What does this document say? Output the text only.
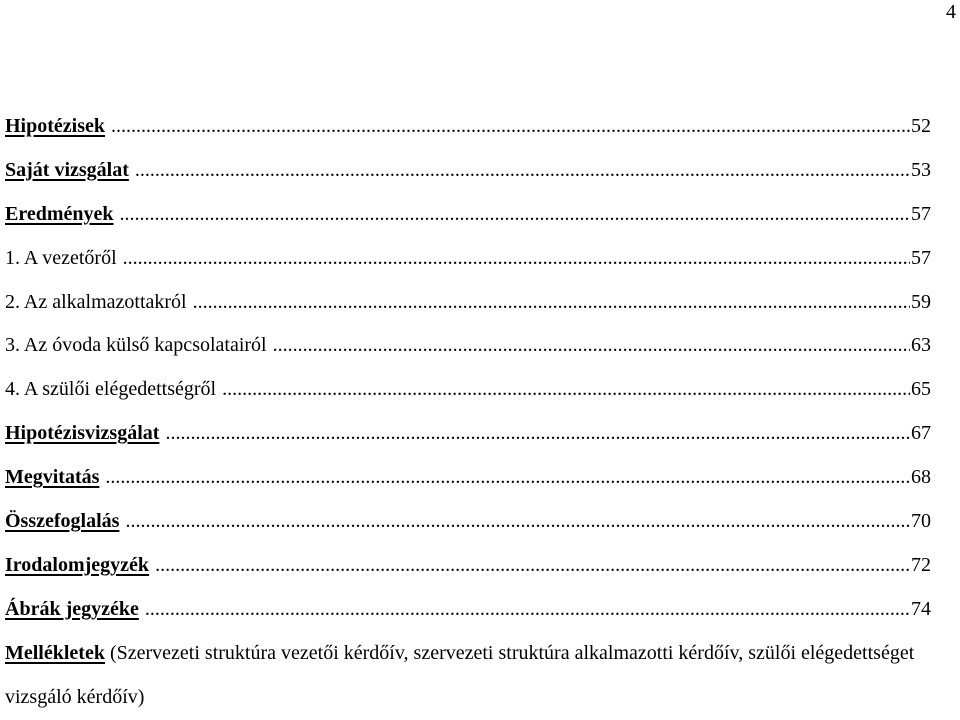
4
Hipotézisek .....	52
Saját vizsgálat .....	53
Eredmények .....	57
1. A vezetőről .....	57
2. Az alkalmazottakról .....	59
3. Az óvoda külső kapcsolatairól .....	63
4. A szülői elégedettségről .....	65
Hipotézisvizsgálat .....	67
Megvitatás .....	68
Összefoglalás .....	70
Irodalomjegyzék .....	72
Ábrák jegyzéke .....	74
Mellékletek (Szervezeti struktúra vezetői kérdőív, szervezeti struktúra alkalmazotti kérdőív, szülői elégedettséget vizsgáló kérdőív)
